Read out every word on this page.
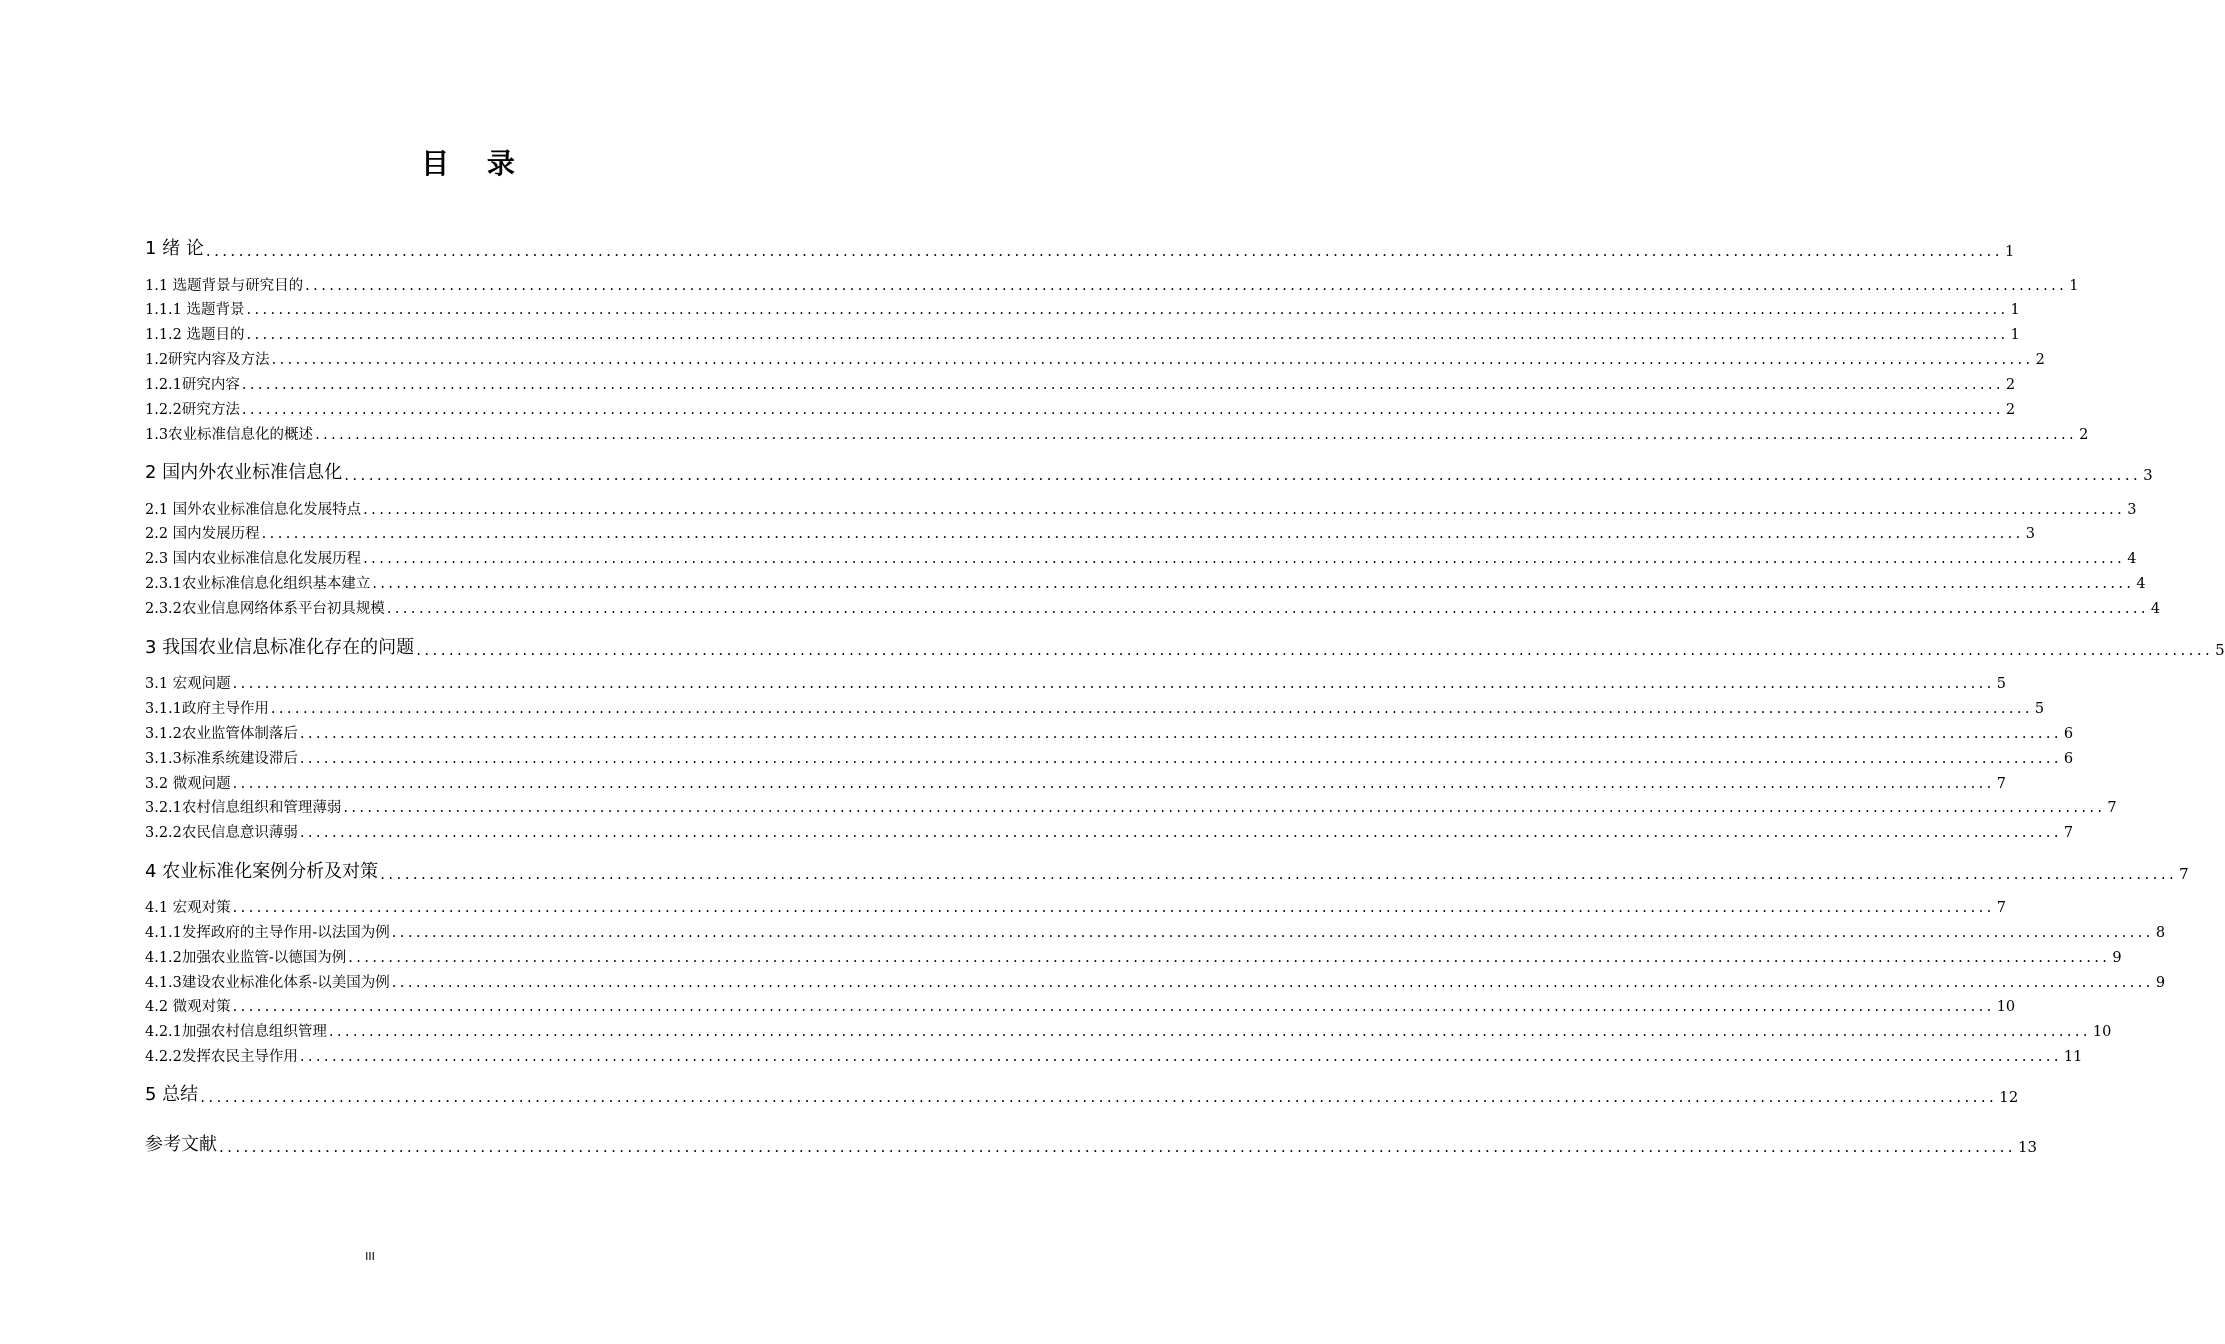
目 录
1 绪 论 ............................................................................................................................................................................................................................ 1
1.1 选题背景与研究目的 ............................................................................................................................................................................................................................ 1
1.1.1 选题背景 ............................................................................................................................................................................................................................ 1
1.1.2 选题目的 ............................................................................................................................................................................................................................ 1
1.2研究内容及方法 ............................................................................................................................................................................................................................ 2
1.2.1研究内容 ............................................................................................................................................................................................................................ 2
1.2.2研究方法 ............................................................................................................................................................................................................................ 2
1.3农业标准信息化的概述 ............................................................................................................................................................................................................................ 2
2 国内外农业标准信息化 ............................................................................................................................................................................................................................ 3
2.1 国外农业标准信息化发展特点 ............................................................................................................................................................................................................................ 3
2.2 国内发展历程 ............................................................................................................................................................................................................................ 3
2.3 国内农业标准信息化发展历程 ............................................................................................................................................................................................................................ 4
2.3.1农业标准信息化组织基本建立 ............................................................................................................................................................................................................................ 4
2.3.2农业信息网络体系平台初具规模 ............................................................................................................................................................................................................................ 4
3 我国农业信息标准化存在的问题 ............................................................................................................................................................................................................................ 5
3.1 宏观问题 ............................................................................................................................................................................................................................ 5
3.1.1政府主导作用 ............................................................................................................................................................................................................................ 5
3.1.2农业监管体制落后 ............................................................................................................................................................................................................................ 6
3.1.3标准系统建设滞后 ............................................................................................................................................................................................................................ 6
3.2 微观问题 ............................................................................................................................................................................................................................ 7
3.2.1农村信息组织和管理薄弱 ............................................................................................................................................................................................................................ 7
3.2.2农民信息意识薄弱 ............................................................................................................................................................................................................................ 7
4 农业标准化案例分析及对策 ............................................................................................................................................................................................................................ 7
4.1 宏观对策 ............................................................................................................................................................................................................................ 7
4.1.1发挥政府的主导作用-以法国为例 ............................................................................................................................................................................................................................ 8
4.1.2加强农业监管-以德国为例 ............................................................................................................................................................................................................................ 9
4.1.3建设农业标准化体系-以美国为例 ............................................................................................................................................................................................................................ 9
4.2 微观对策 ............................................................................................................................................................................................................................ 10
4.2.1加强农村信息组织管理 ............................................................................................................................................................................................................................ 10
4.2.2发挥农民主导作用 ............................................................................................................................................................................................................................ 11
5 总结 ............................................................................................................................................................................................................................ 12
参考文献 ............................................................................................................................................................................................................................ 13
III
